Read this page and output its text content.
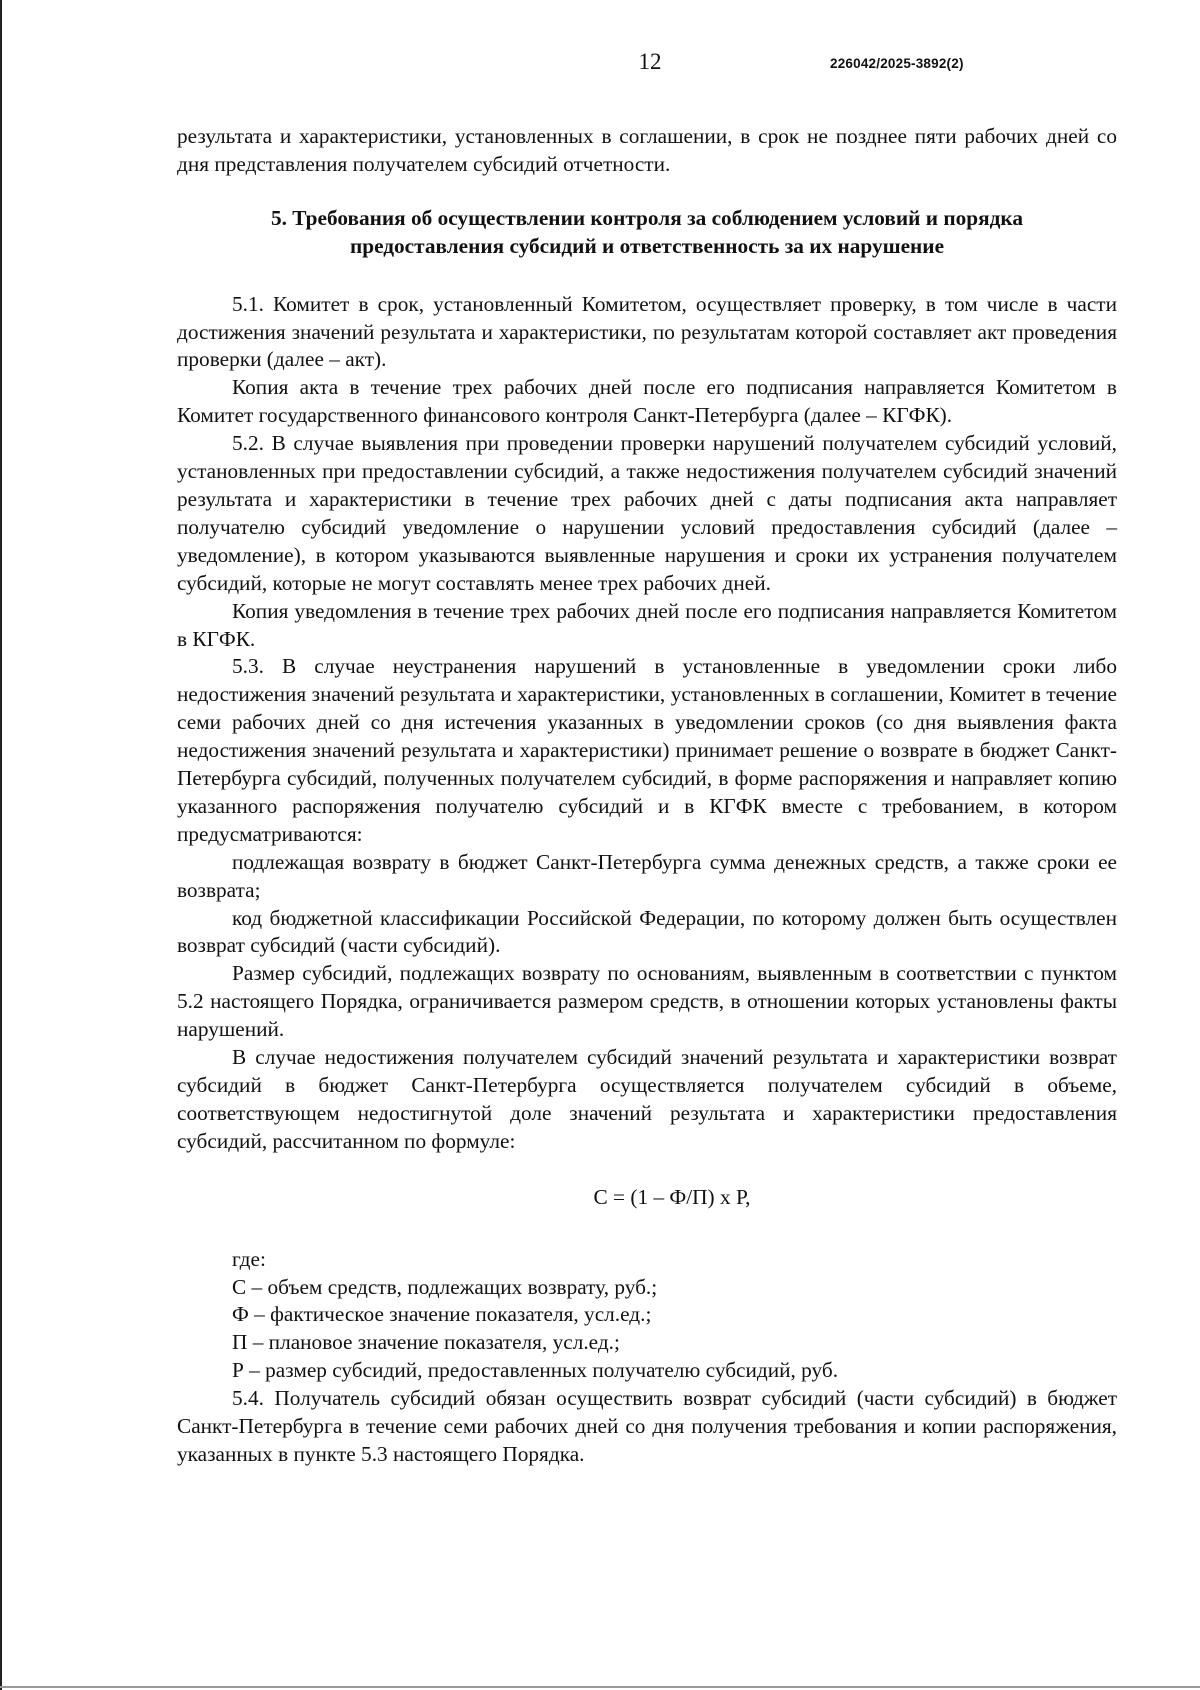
12	226042/2025-3892(2)

результата и характеристики, установленных в соглашении, в срок не позднее пяти рабочих дней со дня представления получателем субсидий отчетности.

5. Требования об осуществлении контроля за соблюдением условий и порядка
предоставления субсидий и ответственность за их нарушение

5.1. Комитет в срок, установленный Комитетом, осуществляет проверку, в том числе в части достижения значений результата и характеристики, по результатам которой составляет акт проведения проверки (далее – акт).

Копия акта в течение трех рабочих дней после его подписания направляется Комитетом в Комитет государственного финансового контроля Санкт-Петербурга (далее – КГФК).

5.2. В случае выявления при проведении проверки нарушений получателем субсидий условий, установленных при предоставлении субсидий, а также недостижения получателем субсидий значений результата и характеристики в течение трех рабочих дней с даты подписания акта направляет получателю субсидий уведомление о нарушении условий предоставления субсидий (далее – уведомление), в котором указываются выявленные нарушения и сроки их устранения получателем субсидий, которые не могут составлять менее трех рабочих дней.

Копия уведомления в течение трех рабочих дней после его подписания направляется Комитетом в КГФК.

5.3. В случае неустранения нарушений в установленные в уведомлении сроки либо недостижения значений результата и характеристики, установленных в соглашении, Комитет в течение семи рабочих дней со дня истечения указанных в уведомлении сроков (со дня выявления факта недостижения значений результата и характеристики) принимает решение о возврате в бюджет Санкт-Петербурга субсидий, полученных получателем субсидий, в форме распоряжения и направляет копию указанного распоряжения получателю субсидий и в КГФК вместе с требованием, в котором предусматриваются:

подлежащая возврату в бюджет Санкт-Петербурга сумма денежных средств, а также сроки ее возврата;

код бюджетной классификации Российской Федерации, по которому должен быть осуществлен возврат субсидий (части субсидий).

Размер субсидий, подлежащих возврату по основаниям, выявленным в соответствии с пунктом 5.2 настоящего Порядка, ограничивается размером средств, в отношении которых установлены факты нарушений.

В случае недостижения получателем субсидий значений результата и характеристики возврат субсидий в бюджет Санкт-Петербурга осуществляется получателем субсидий в объеме, соответствующем недостигнутой доле значений результата и характеристики предоставления субсидий, рассчитанном по формуле:

С = (1 – Ф/П) х Р,

где:

С – объем средств, подлежащих возврату, руб.;

Ф – фактическое значение показателя, усл.ед.;

П – плановое значение показателя, усл.ед.;

Р – размер субсидий, предоставленных получателю субсидий, руб.

5.4. Получатель субсидий обязан осуществить возврат субсидий (части субсидий) в бюджет Санкт-Петербурга в течение семи рабочих дней со дня получения требования и копии распоряжения, указанных в пункте 5.3 настоящего Порядка.
